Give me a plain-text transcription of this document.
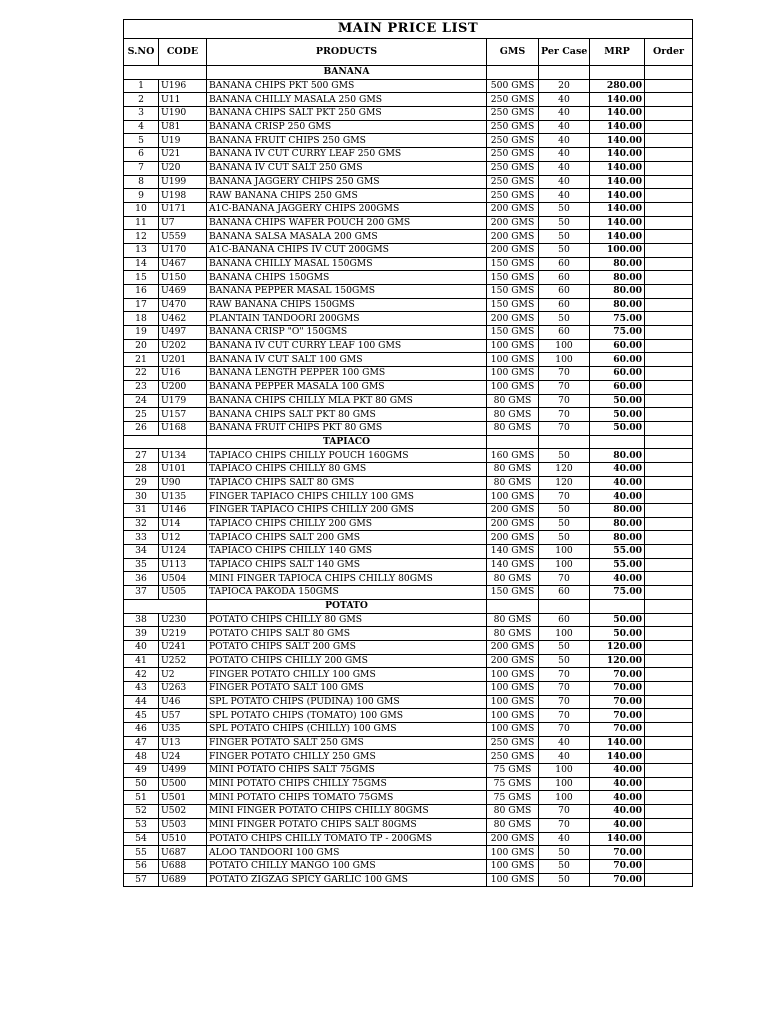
MAIN PRICE LIST						
S.NO	CODE	PRODUCTS	GMS	Per Case	MRP	Order
		BANANA				
1	U196	BANANA CHIPS PKT 500 GMS	500 GMS	20	280.00	
2	U11	BANANA CHILLY MASALA 250 GMS	250 GMS	40	140.00	
3	U190	BANANA CHIPS SALT PKT 250 GMS	250 GMS	40	140.00	
4	U81	BANANA CRISP 250 GMS	250 GMS	40	140.00	
5	U19	BANANA FRUIT CHIPS 250 GMS	250 GMS	40	140.00	
6	U21	BANANA IV CUT CURRY LEAF 250 GMS	250 GMS	40	140.00	
7	U20	BANANA IV CUT SALT 250 GMS	250 GMS	40	140.00	
8	U199	BANANA JAGGERY CHIPS 250 GMS	250 GMS	40	140.00	
9	U198	RAW BANANA CHIPS 250 GMS	250 GMS	40	140.00	
10	U171	A1C-BANANA JAGGERY CHIPS 200GMS	200 GMS	50	140.00	
11	U7	BANANA CHIPS WAFER POUCH 200 GMS	200 GMS	50	140.00	
12	U559	BANANA SALSA MASALA 200 GMS	200 GMS	50	140.00	
13	U170	A1C-BANANA CHIPS IV CUT 200GMS	200 GMS	50	100.00	
14	U467	BANANA CHILLY MASAL 150GMS	150 GMS	60	80.00	
15	U150	BANANA CHIPS 150GMS	150 GMS	60	80.00	
16	U469	BANANA PEPPER MASAL 150GMS	150 GMS	60	80.00	
17	U470	RAW BANANA CHIPS 150GMS	150 GMS	60	80.00	
18	U462	PLANTAIN TANDOORI 200GMS	200 GMS	50	75.00	
19	U497	BANANA CRISP "O" 150GMS	150 GMS	60	75.00	
20	U202	BANANA IV CUT CURRY LEAF 100 GMS	100 GMS	100	60.00	
21	U201	BANANA IV CUT SALT 100 GMS	100 GMS	100	60.00	
22	U16	BANANA LENGTH PEPPER 100 GMS	100 GMS	70	60.00	
23	U200	BANANA PEPPER MASALA 100 GMS	100 GMS	70	60.00	
24	U179	BANANA CHIPS CHILLY MLA PKT 80 GMS	80 GMS	70	50.00	
25	U157	BANANA CHIPS SALT PKT 80 GMS	80 GMS	70	50.00	
26	U168	BANANA FRUIT CHIPS PKT 80 GMS	80 GMS	70	50.00	
		TAPIACO				
27	U134	TAPIACO CHIPS CHILLY POUCH 160GMS	160 GMS	50	80.00	
28	U101	TAPIACO CHIPS CHILLY 80 GMS	80 GMS	120	40.00	
29	U90	TAPIACO CHIPS SALT 80 GMS	80 GMS	120	40.00	
30	U135	FINGER TAPIACO CHIPS CHILLY 100 GMS	100 GMS	70	40.00	
31	U146	FINGER TAPIACO CHIPS CHILLY 200 GMS	200 GMS	50	80.00	
32	U14	TAPIACO CHIPS CHILLY 200 GMS	200 GMS	50	80.00	
33	U12	TAPIACO CHIPS SALT 200 GMS	200 GMS	50	80.00	
34	U124	TAPIACO CHIPS CHILLY 140 GMS	140 GMS	100	55.00	
35	U113	TAPIACO CHIPS SALT 140 GMS	140 GMS	100	55.00	
36	U504	MINI FINGER TAPIOCA CHIPS CHILLY 80GMS	80 GMS	70	40.00	
37	U505	TAPIOCA PAKODA 150GMS	150 GMS	60	75.00	
		POTATO				
38	U230	POTATO CHIPS CHILLY 80 GMS	80 GMS	60	50.00	
39	U219	POTATO CHIPS SALT 80 GMS	80 GMS	100	50.00	
40	U241	POTATO CHIPS SALT 200 GMS	200 GMS	50	120.00	
41	U252	POTATO CHIPS CHILLY 200 GMS	200 GMS	50	120.00	
42	U2	FINGER POTATO CHILLY 100 GMS	100 GMS	70	70.00	
43	U263	FINGER POTATO SALT 100 GMS	100 GMS	70	70.00	
44	U46	SPL POTATO CHIPS (PUDINA) 100 GMS	100 GMS	70	70.00	
45	U57	SPL POTATO CHIPS (TOMATO) 100 GMS	100 GMS	70	70.00	
46	U35	SPL POTATO CHIPS (CHILLY) 100 GMS	100 GMS	70	70.00	
47	U13	FINGER POTATO SALT 250 GMS	250 GMS	40	140.00	
48	U24	FINGER POTATO CHILLY 250 GMS	250 GMS	40	140.00	
49	U499	MINI POTATO CHIPS SALT 75GMS	75 GMS	100	40.00	
50	U500	MINI POTATO CHIPS CHILLY 75GMS	75 GMS	100	40.00	
51	U501	MINI POTATO CHIPS TOMATO 75GMS	75 GMS	100	40.00	
52	U502	MINI FINGER POTATO CHIPS CHILLY 80GMS	80 GMS	70	40.00	
53	U503	MINI FINGER POTATO CHIPS SALT 80GMS	80 GMS	70	40.00	
54	U510	POTATO CHIPS CHILLY TOMATO TP - 200GMS	200 GMS	40	140.00	
55	U687	ALOO TANDOORI 100 GMS	100 GMS	50	70.00	
56	U688	POTATO CHILLY MANGO 100 GMS	100 GMS	50	70.00	
57	U689	POTATO ZIGZAG SPICY GARLIC 100 GMS	100 GMS	50	70.00	
